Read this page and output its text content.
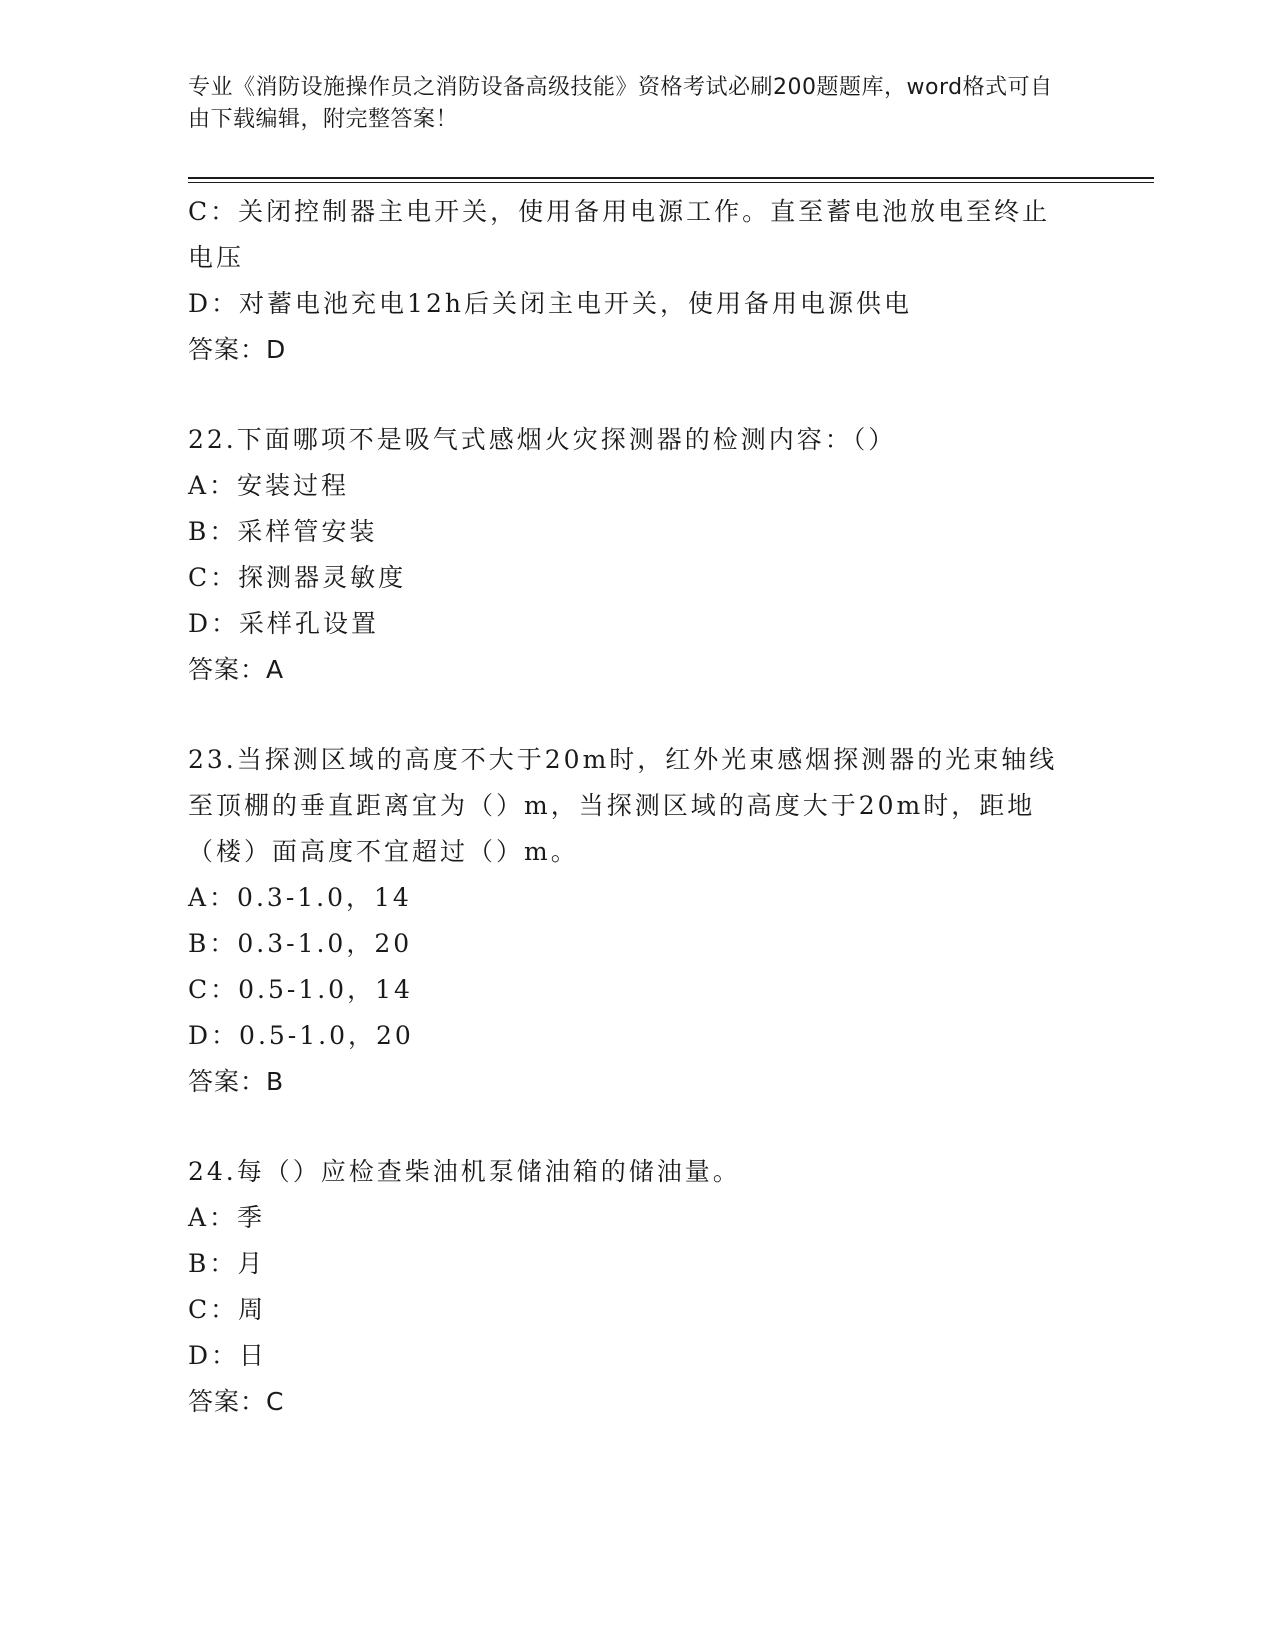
专业《消防设施操作员之消防设备高级技能》资格考试必刷200题题库，word格式可自由下载编辑，附完整答案！
C：关闭控制器主电开关，使用备用电源工作。直至蓄电池放电至终止电压
D：对蓄电池充电12h后关闭主电开关，使用备用电源供电
答案：D
22.下面哪项不是吸气式感烟火灾探测器的检测内容：（）
A：安装过程
B：采样管安装
C：探测器灵敏度
D：采样孔设置
答案：A
23.当探测区域的高度不大于20m时，红外光束感烟探测器的光束轴线至顶棚的垂直距离宜为（）m，当探测区域的高度大于20m时，距地（楼）面高度不宜超过（）m。
A：0.3-1.0，14
B：0.3-1.0，20
C：0.5-1.0，14
D：0.5-1.0，20
答案：B
24.每（）应检查柴油机泵储油箱的储油量。
A：季
B：月
C：周
D：日
答案：C
